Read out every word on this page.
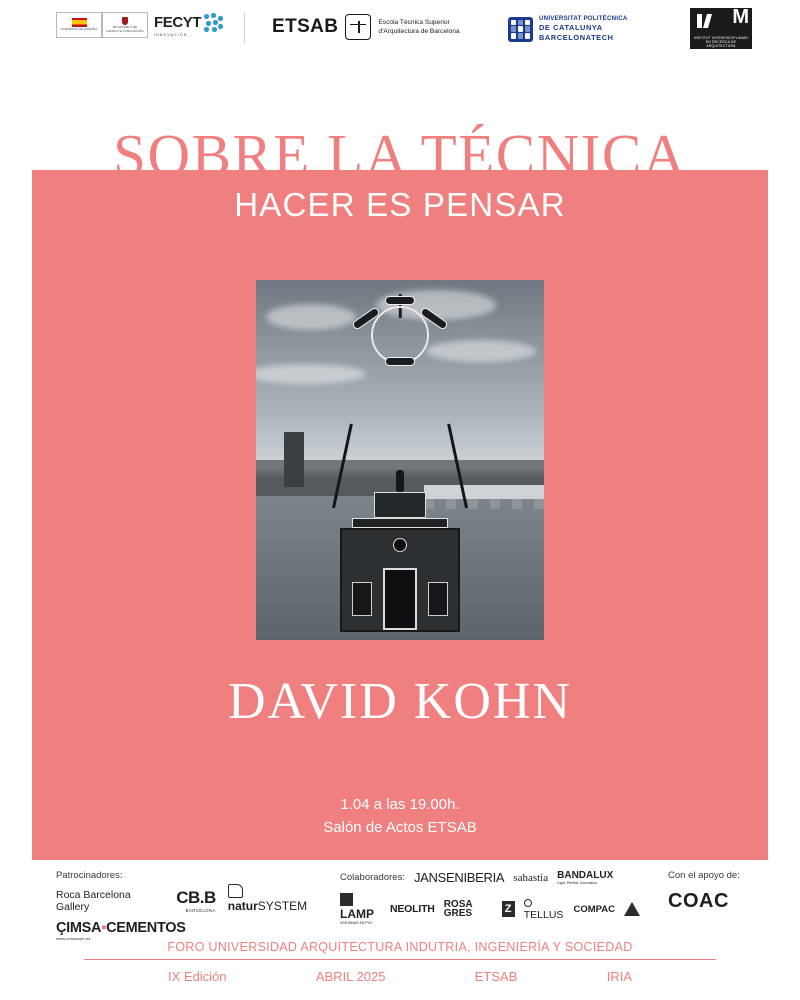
GOBIERNO DE ESPAÑA
MINISTERIO DE CIENCIA E INNOVACIÓN FECYT
INNOVACIÓN	ETSAB	Escola Tècnica Superior
d'Arquitectura de Barcelona
UNIVERSITAT POLITÈCNICA
DE CATALUNYA
BARCELONATECH
M
INSTITUT INTERDISCIPLINARI EN RECERCA DE ARQUITECTURA
SOBRE LA TÉCNICA
HACER ES PENSAR
DAVID KOHN
1.04 a las 19.00h.
Salón de Actos ETSAB
Patrocinadores:
Roca Barcelona Gallery	CB.B
BARCELONA naturSYSTEM
ÇIMSA▪CEMENTOS
www.cimsacim.es
Colaboradores: JANSENIBERIA sahastia BANDALUX
Light. Perfect. Innovation
LAMP
VENTANAS EN PVC
NEOLITH ROSA GRES	Z	TELLUS COMPAC
Con el apoyo de:
COAC
FORO UNIVERSIDAD ARQUITECTURA INDUTRIA, INGENIERÍA Y SOCIEDAD
IX Edición	ABRIL 2025	ETSAB	IRIA
